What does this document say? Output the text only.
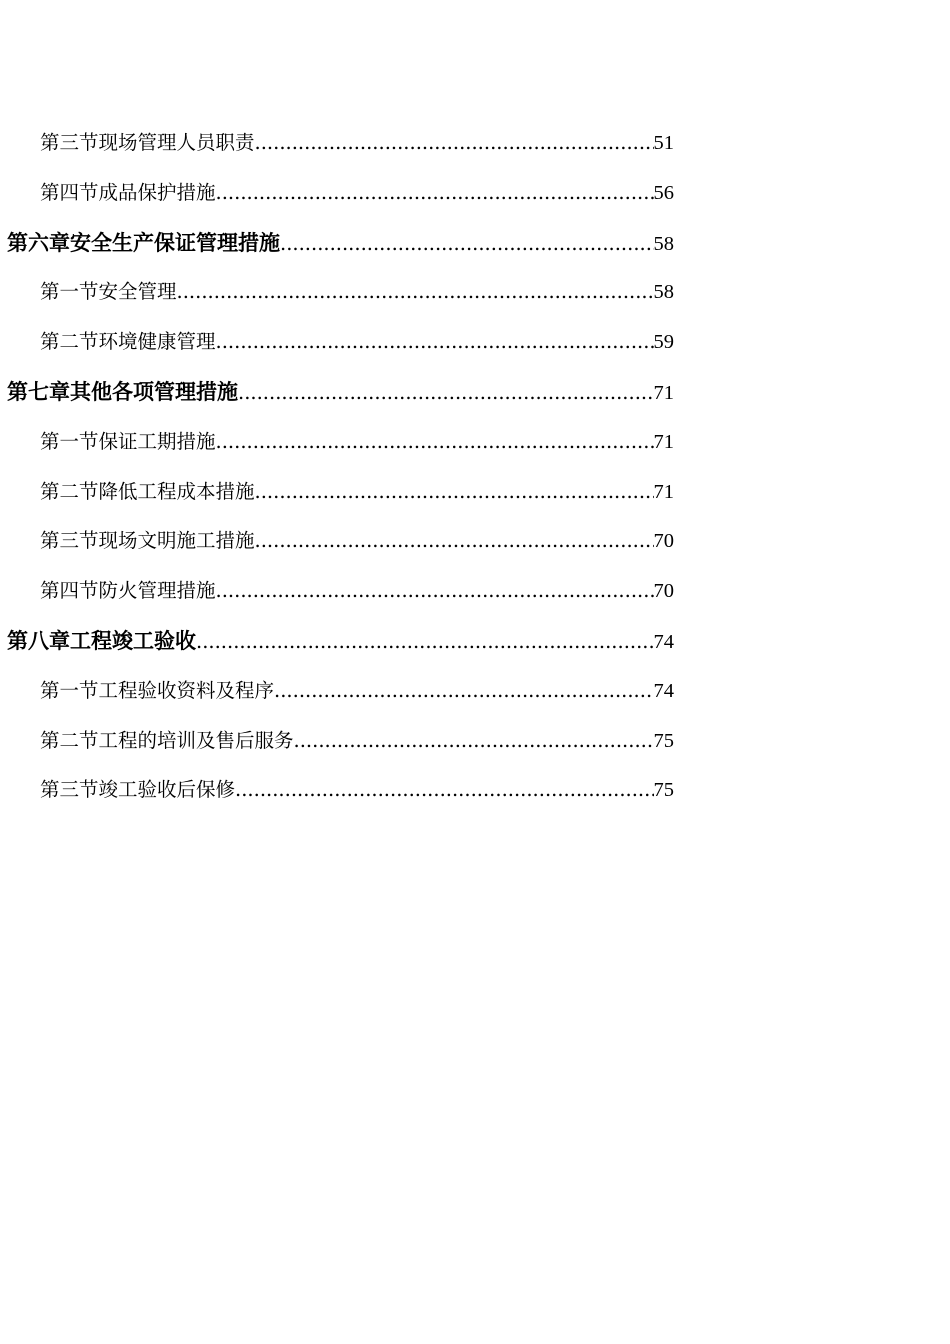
第三节 现场管理人员职责 .....	51
第四节 成品保护措施 .....	56
第六章 安全生产保证管理措施 .....	58
第一节 安全管理 .....	58
第二节 环境健康管理 .....	59
第七章 其他各项管理措施 .....	71
第一节 保证工期措施 .....	71
第二节 降低工程成本措施 .....	71
第三节 现场文明施工措施 .....	70
第四节 防火管理措施 .....	70
第八章 工程竣工验收 .....	74
第一节 工程验收资料及程序 .....	74
第二节 工程的培训及售后服务 .....	75
第三节 竣工验收后保修 .....	75
